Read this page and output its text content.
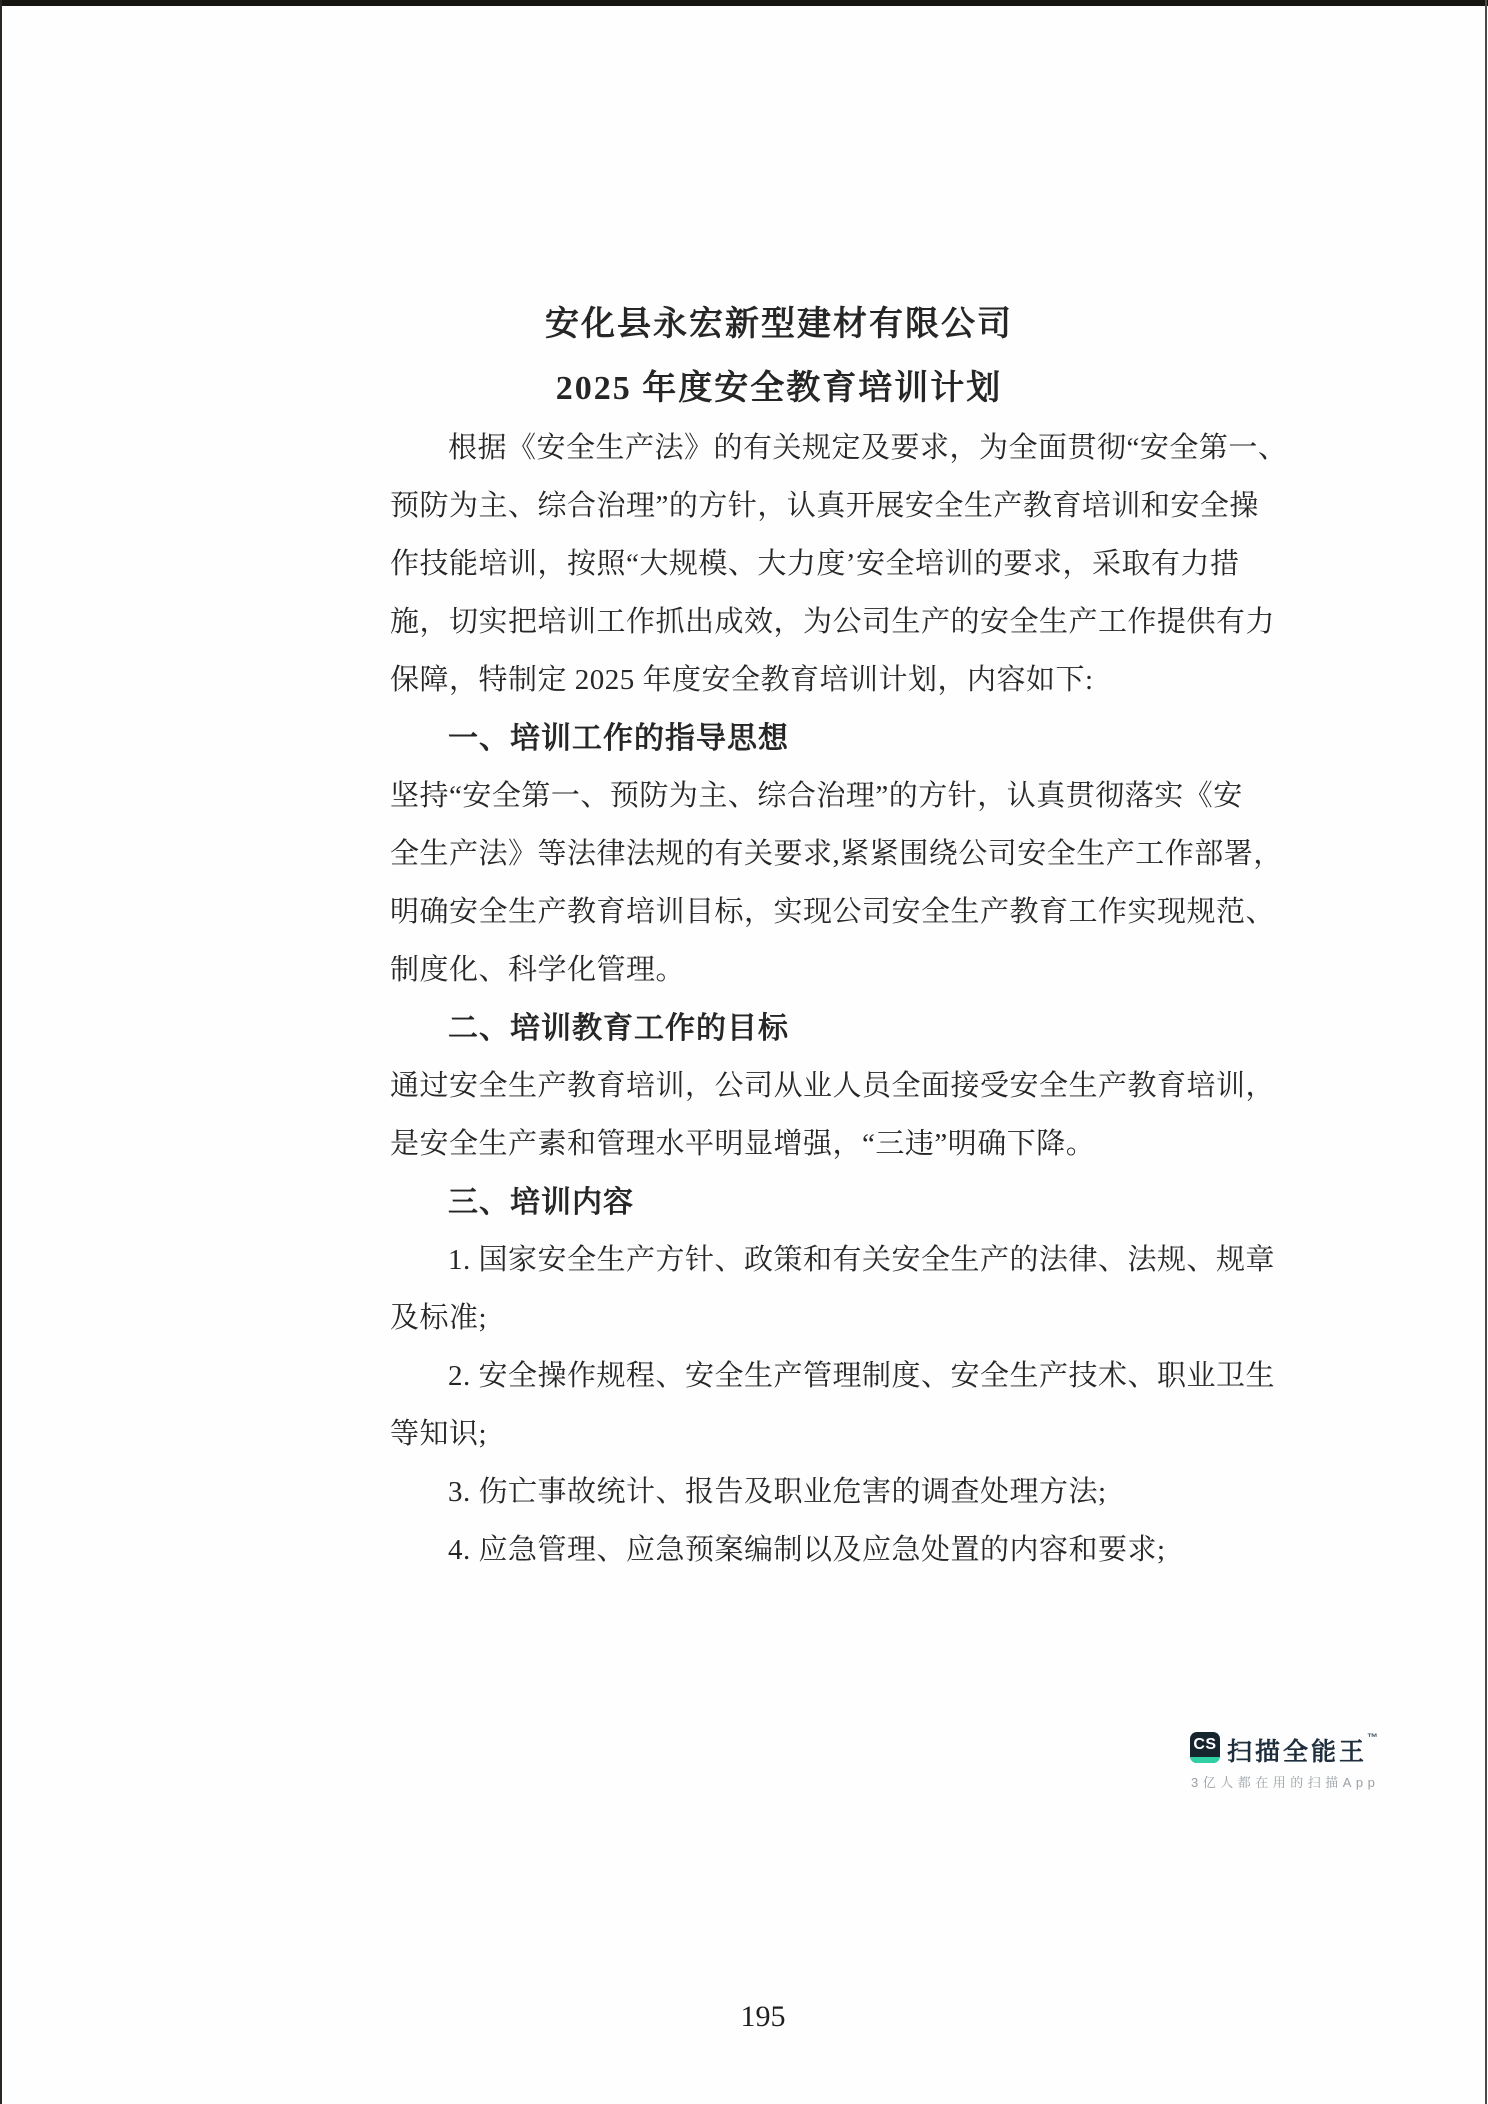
安化县永宏新型建材有限公司
2025 年度安全教育培训计划
根据《安全生产法》的有关规定及要求，为全面贯彻“安全第一、
预防为主、综合治理”的方针，认真开展安全生产教育培训和安全操
作技能培训，按照“大规模、大力度’安全培训的要求，采取有力措
施，切实把培训工作抓出成效，为公司生产的安全生产工作提供有力
保障，特制定 2025 年度安全教育培训计划，内容如下:
一、培训工作的指导思想
坚持“安全第一、预防为主、综合治理”的方针，认真贯彻落实《安
全生产法》等法律法规的有关要求,紧紧围绕公司安全生产工作部署，
明确安全生产教育培训目标，实现公司安全生产教育工作实现规范、
制度化、科学化管理。
二、培训教育工作的目标
通过安全生产教育培训，公司从业人员全面接受安全生产教育培训，
是安全生产素和管理水平明显增强，“三违”明确下降。
三、培训内容
1. 国家安全生产方针、政策和有关安全生产的法律、法规、规章
及标准;
2. 安全操作规程、安全生产管理制度、安全生产技术、职业卫生
等知识;
3. 伤亡事故统计、报告及职业危害的调查处理方法;
4. 应急管理、应急预案编制以及应急处置的内容和要求;
CS 扫描全能王™
3亿人都在用的扫描App
195
